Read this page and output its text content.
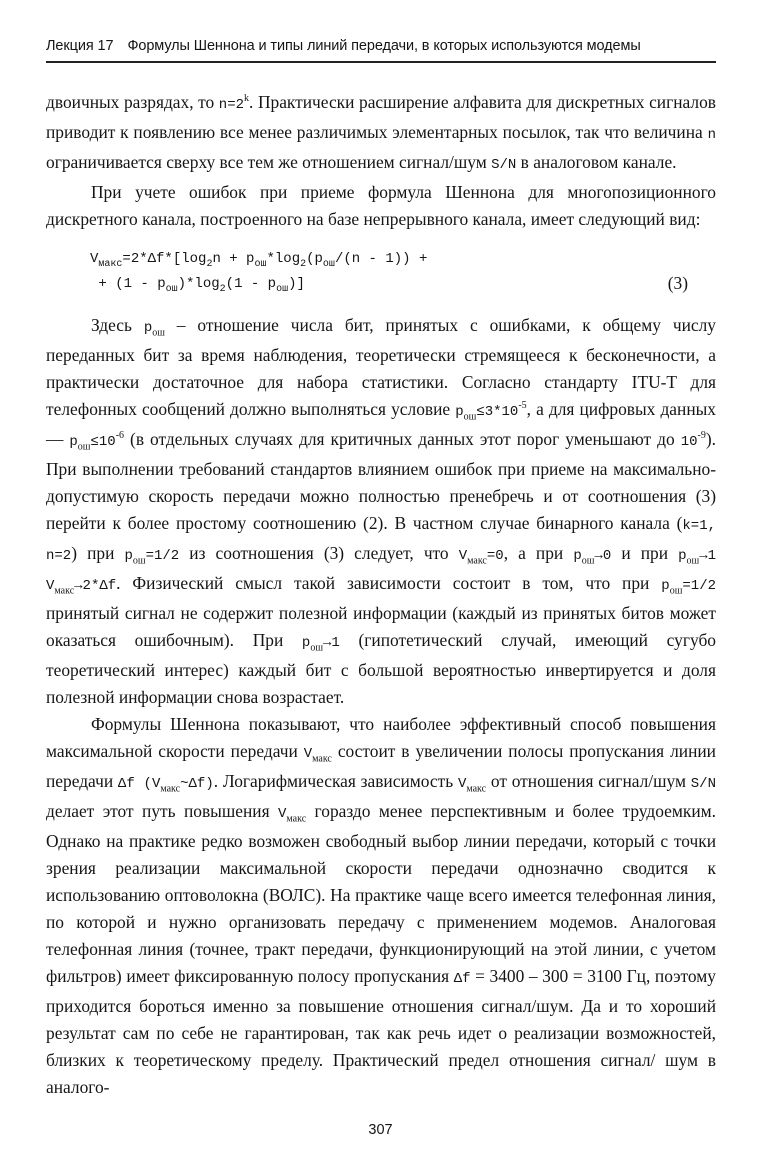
Лекция 17 Формулы Шеннона и типы линий передачи, в которых используются модемы

двоичных разрядах, то $n=2^k$. Практически расширение алфавита для дискретных сигналов приводит к появлению все менее различимых элементарных посылок, так что величина n ограничивается сверху все тем же отношением сигнал/шум S/N в аналоговом канале.

При учете ошибок при приеме формула Шеннона для многопозиционного дискретного канала, построенного на базе непрерывного канала, имеет следующий вид:

$V_{макс}=2*\Delta f*[\log_2n + p_{ош}*\log_2(p_{ош}/(n - 1))$ +
+ $(1 - p_{ош})*\log_2(1 - p_{ош})$]	(3)

Здесь $p_{ош}$ – отношение числа бит, принятых с ошибками, к общему числу переданных бит за время наблюдения, теоретически стремящееся к бесконечности, а практически достаточное для набора статистики. Согласно стандарту ITU-T для телефонных сообщений должно выполняться условие $p_{ош}\le 3*10^{-5}$, а для цифровых данных — $p_{ош}\le 10^{-6}$ (в отдельных случаях для критичных данных этот порог уменьшают до $10^{-9}$). При выполнении требований стандартов влиянием ошибок при приеме на максимально-допустимую скорость передачи можно полностью пренебречь и от соотношения (3) перейти к более простому соотношению (2). В частном случае бинарного канала (k=1, n=2) при $p_{ош}=1/2$ из соотношения (3) следует, что $V_{макс}=0$, а при $p_{ош}\to 0$ и при $p_{ош}\to 1$ $V_{макс}\to 2*\Delta f$. Физический смысл такой зависимости состоит в том, что при $p_{ош}=1/2$ принятый сигнал не содержит полезной информации (каждый из принятых битов может оказаться ошибочным). При $p_{ош}\to 1$ (гипотетический случай, имеющий сугубо теоретический интерес) каждый бит с большой вероятностью инвертируется и доля полезной информации снова возрастает.

Формулы Шеннона показывают, что наиболее эффективный способ повышения максимальной скорости передачи $V_{макс}$ состоит в увеличении полосы пропускания линии передачи Δf $(V_{макс}\sim\Delta f)$. Логарифмическая зависимость $V_{макс}$ от отношения сигнал/шум S/N делает этот путь повышения $V_{макс}$ гораздо менее перспективным и более трудоемким. Однако на практике редко возможен свободный выбор линии передачи, который с точки зрения реализации максимальной скорости передачи однозначно сводится к использованию оптоволокна (ВОЛС). На практике чаще всего имеется телефонная линия, по которой и нужно организовать передачу с применением модемов. Аналоговая телефонная линия (точнее, тракт передачи, функционирующий на этой линии, с учетом фильтров) имеет фиксированную полосу пропускания Δf = 3400 – 300 = 3100 Гц, поэтому приходится бороться именно за повышение отношения сигнал/шум. Да и то хороший результат сам по себе не гарантирован, так как речь идет о реализации возможностей, близких к теоретическому пределу. Практический предел отношения сигнал/ шум в аналого-

307
